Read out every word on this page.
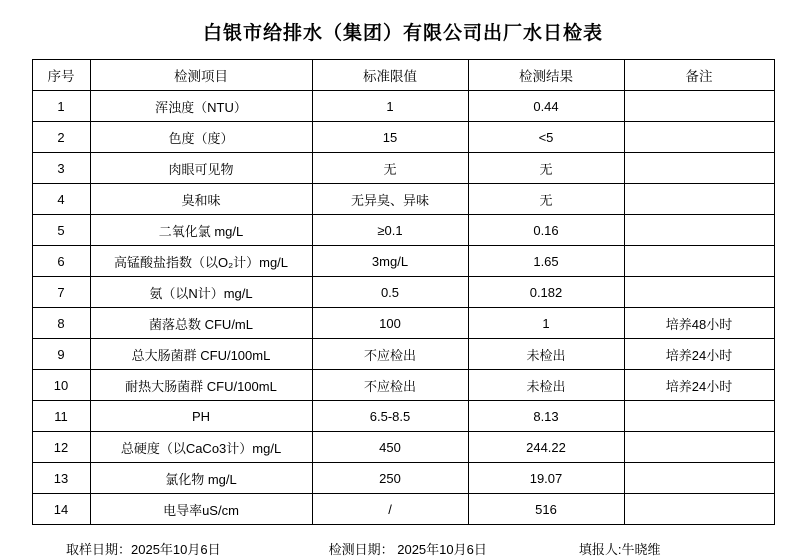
白银市给排水（集团）有限公司出厂水日检表
序号	检测项目	标准限值	检测结果	备注
1	浑浊度（NTU）	1	0.44	
2	色度（度）	15	<5	
3	肉眼可见物	无	无	
4	臭和味	无异臭、异味	无	
5	二氧化氯 mg/L	≥0.1	0.16	
6	高锰酸盐指数（以O₂计）mg/L	3mg/L	1.65	
7	氨（以N计）mg/L	0.5	0.182	
8	菌落总数 CFU/mL	100	1	培养48小时
9	总大肠菌群 CFU/100mL	不应检出	未检出	培养24小时
10	耐热大肠菌群 CFU/100mL	不应检出	未检出	培养24小时
11	PH	6.5-8.5	8.13	
12	总硬度（以CaCo3计）mg/L	450	244.22	
13	氯化物 mg/L	250	19.07	
14	电导率uS/cm	/	516	
取样日期：2025年10月6日	检测日期： 2025年10月6日	填报人:牛晓维
